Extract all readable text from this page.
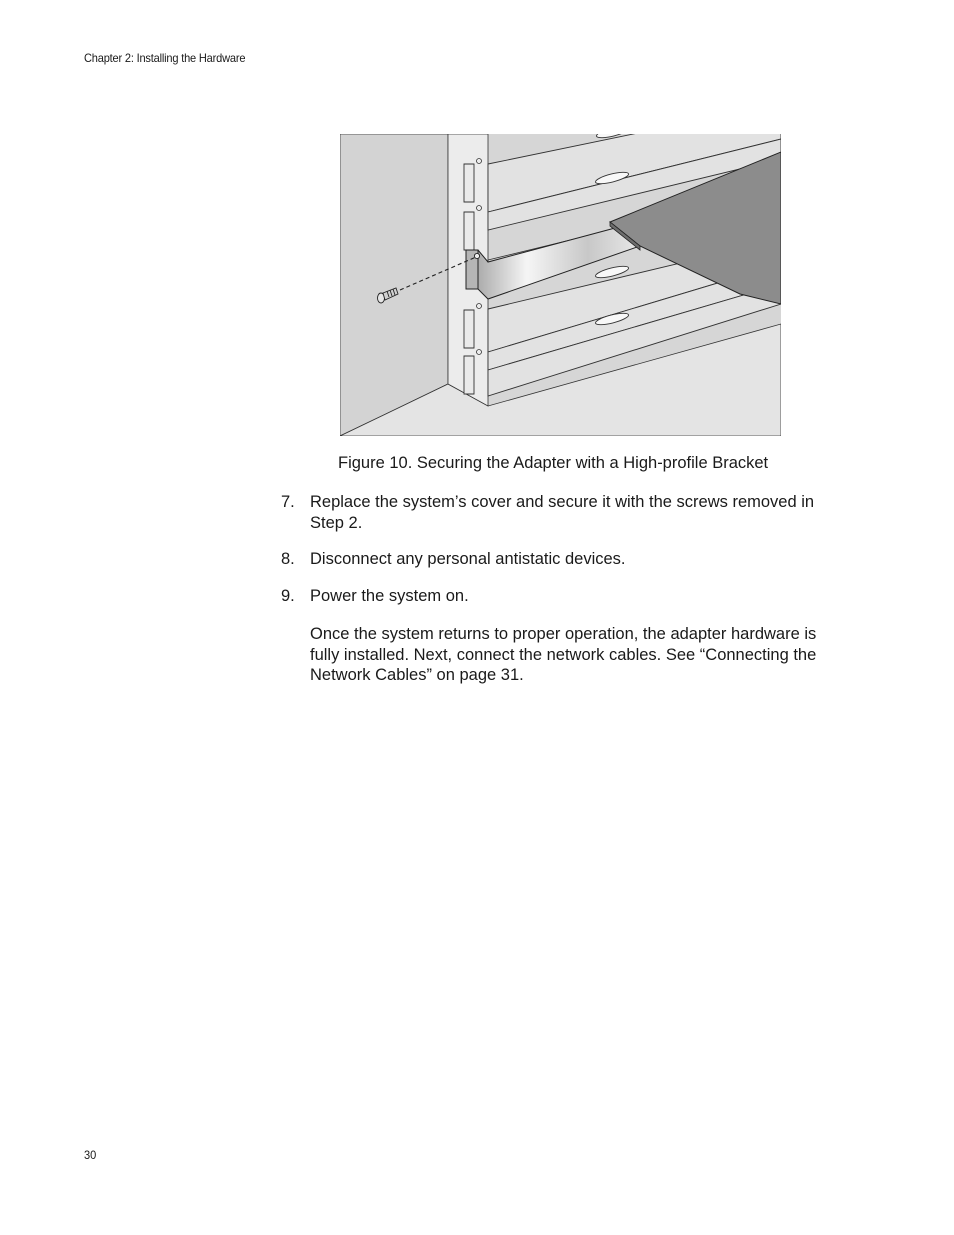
Chapter 2: Installing the Hardware
Figure 10. Securing the Adapter with a High-profile Bracket
7. Replace the system’s cover and secure it with the screws removed in Step 2.
8. Disconnect any personal antistatic devices.
9. Power the system on.
Once the system returns to proper operation, the adapter hardware is fully installed. Next, connect the network cables. See “Connecting the Network Cables” on page 31.
30
